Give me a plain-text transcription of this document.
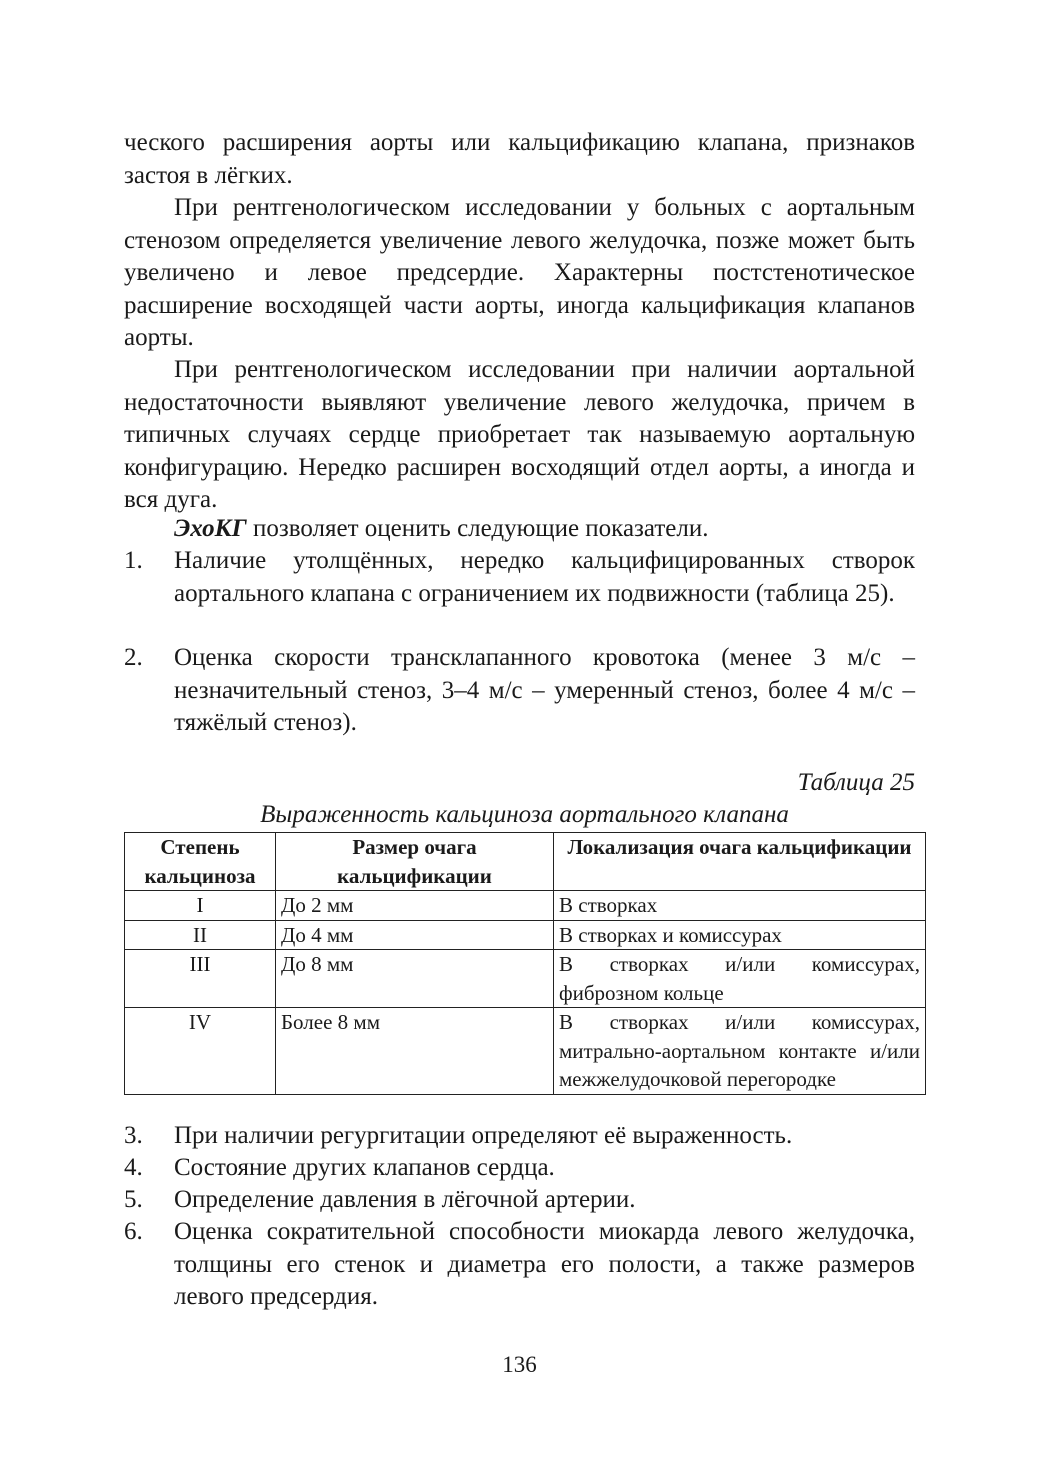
ческого расширения аорты или кальцификацию клапана, признаков застоя в лёгких.

При рентгенологическом исследовании у больных с аортальным стенозом определяется увеличение левого желудочка, позже может быть увеличено и левое предсердие. Характерны постстенотическое расширение восходящей части аорты, иногда кальцификация клапанов аорты.

При рентгенологическом исследовании при наличии аортальной недостаточности выявляют увеличение левого желудочка, причем в типичных случаях сердце приобретает так называемую аортальную конфигурацию. Нередко расширен восходящий отдел аорты, а иногда и вся дуга.

ЭхоКГ позволяет оценить следующие показатели.

1. Наличие утолщённых, нередко кальцифицированных створок аортального клапана с ограничением их подвижности (таблица 25).
2. Оценка скорости трансклапанного кровотока (менее 3 м/с – незначительный стеноз, 3–4 м/с – умеренный стеноз, более 4 м/с – тяжёлый стеноз).
Таблица 25
Выраженность кальциноза аортального клапана
Степень кальциноза	Размер очага кальцификации	Локализация очага кальцификации
I	До 2 мм	В створках
II	До 4 мм	В створках и комиссурах
III	До 8 мм	В створках и/или комиссурах, фиброзном кольце
IV	Более 8 мм	В створках и/или комиссурах, митрально-аортальном контакте и/или межжелудочковой перегородке
3. При наличии регургитации определяют её выраженность.
4. Состояние других клапанов сердца.
5. Определение давления в лёгочной артерии.
6. Оценка сократительной способности миокарда левого желудочка, толщины его стенок и диаметра его полости, а также размеров левого предсердия.
136
